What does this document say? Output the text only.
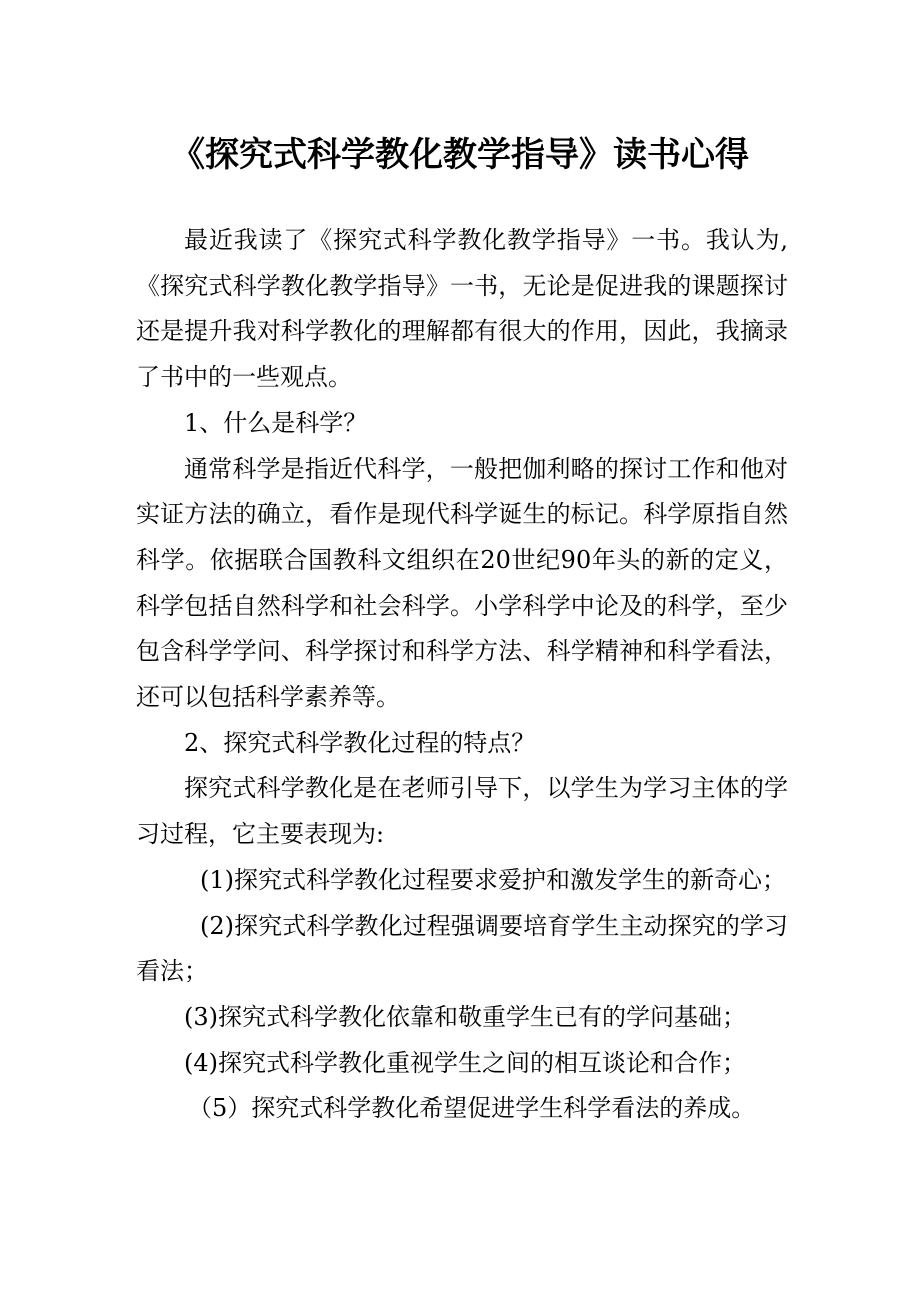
《探究式科学教化教学指导》读书心得

最近我读了《探究式科学教化教学指导》一书。我认为,《探究式科学教化教学指导》一书，无论是促进我的课题探讨还是提升我对科学教化的理解都有很大的作用，因此，我摘录了书中的一些观点。

1、什么是科学？

通常科学是指近代科学，一般把伽利略的探讨工作和他对实证方法的确立，看作是现代科学诞生的标记。科学原指自然科学。依据联合国教科文组织在20世纪90年头的新的定义，科学包括自然科学和社会科学。小学科学中论及的科学，至少包含科学学问、科学探讨和科学方法、科学精神和科学看法，还可以包括科学素养等。

2、探究式科学教化过程的特点？

探究式科学教化是在老师引导下，以学生为学习主体的学习过程，它主要表现为:

(1)探究式科学教化过程要求爱护和激发学生的新奇心；

(2)探究式科学教化过程强调要培育学生主动探究的学习看法；

(3)探究式科学教化依靠和敬重学生已有的学问基础；

(4)探究式科学教化重视学生之间的相互谈论和合作；

（5）探究式科学教化希望促进学生科学看法的养成。
